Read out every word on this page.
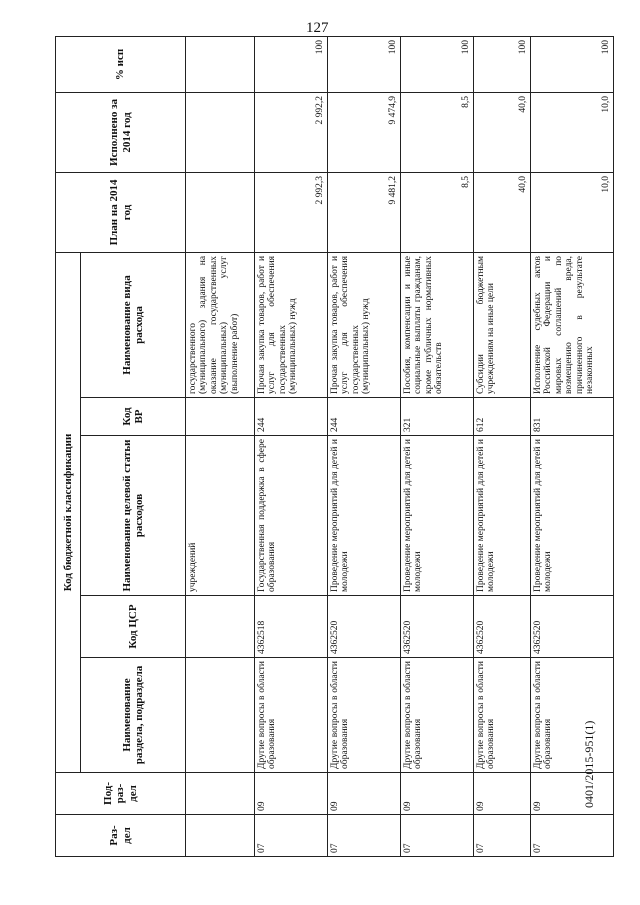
127
Раз-
дел	Под-
раз-
дел	Код бюджетной классификации					План на 2014 год	Исполнено за 2014 год	% исп
		Наименование раздела, подраздела	Код ЦСР	Наименование целевой статьи расходов	Код ВР	Наименование вида расхода			
				учреждений		государственного (муниципального) задания на оказание государственных (муниципальных) услуг (выполнение работ)			
07	09	Другие вопросы в области образования	4362518	Государственная поддержка в сфере образования	244	Прочая закупка товаров, работ и услуг для обеспечения государственных (муниципальных) нужд	2 992,3	2 992,2	100
07	09	Другие вопросы в области образования	4362520	Проведение мероприятий для детей и молодежи	244	Прочая закупка товаров, работ и услуг для обеспечения государственных (муниципальных) нужд	9 481,2	9 474,9	100
07	09	Другие вопросы в области образования	4362520	Проведение мероприятий для детей и молодежи	321	Пособия, компенсации и иные социальные выплаты гражданам, кроме публичных нормативных обязательств	8,5	8,5	100
07	09	Другие вопросы в области образования	4362520	Проведение мероприятий для детей и молодежи	612	Субсидии бюджетным учреждениям на иные цели	40,0	40,0	100
07	09	Другие вопросы в области образования	4362520	Проведение мероприятий для детей и молодежи	831	Исполнение судебных актов Российской Федерации и мировых соглашений по возмещению вреда, причиненного в результате незаконных	10,0	10,0	100
0401/2015-951(1)
